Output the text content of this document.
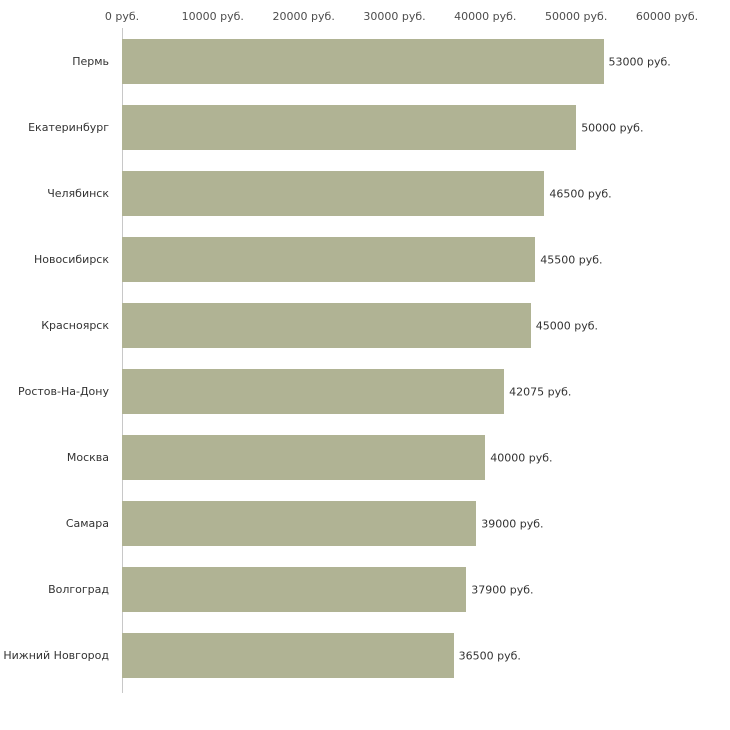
0 руб.	10000 руб.	20000 руб.	30000 руб.	40000 руб.	50000 руб.	60000 руб.
53000 руб.
Пермь
50000 руб.
Екатеринбург
46500 руб.
Челябинск
45500 руб.
Новосибирск
45000 руб.
Красноярск
42075 руб.
Ростов-На-Дону
40000 руб.
Москва
39000 руб.
Самара
37900 руб.
Волгоград
36500 руб.
Нижний Новгород
